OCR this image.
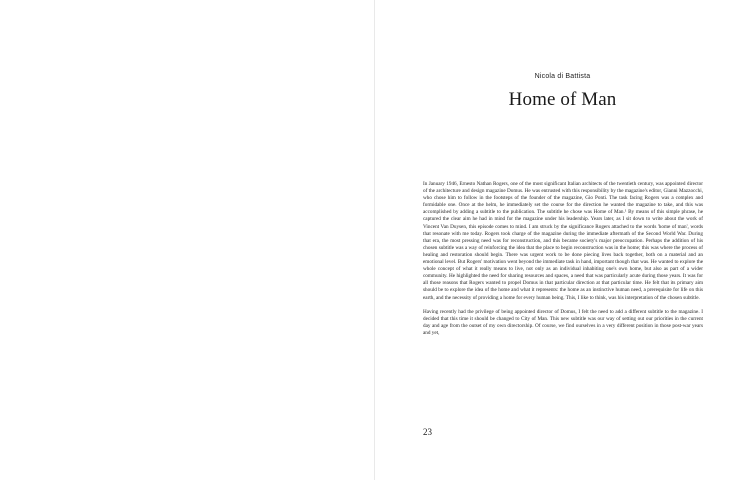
Nicola di Battista
Home of Man

In January 1946, Ernesto Nathan Rogers, one of the most significant Italian architects of the twentieth century, was appointed director of the architecture and design magazine Domus. He was entrusted with this responsibility by the magazine's editor, Gianni Mazzocchi, who chose him to follow in the footsteps of the founder of the magazine, Gio Ponti. The task facing Rogers was a complex and formidable one. Once at the helm, he immediately set the course for the direction he wanted the magazine to take, and this was accomplished by adding a subtitle to the publication. The subtitle he chose was Home of Man.¹ By means of this simple phrase, he captured the clear aim he had in mind for the magazine under his leadership. Years later, as I sit down to write about the work of Vincent Van Duysen, this episode comes to mind. I am struck by the significance Rogers attached to the words 'home of man', words that resonate with me today. Rogers took charge of the magazine during the immediate aftermath of the Second World War. During that era, the most pressing need was for reconstruction, and this became society's major preoccupation. Perhaps the addition of his chosen subtitle was a way of reinforcing the idea that the place to begin reconstruction was in the home; this was where the process of healing and restoration should begin. There was urgent work to be done piecing lives back together, both on a material and an emotional level. But Rogers' motivation went beyond the immediate task in hand, important though that was. He wanted to explore the whole concept of what it really means to live, not only as an individual inhabiting one's own home, but also as part of a wider community. He highlighted the need for sharing resources and spaces, a need that was particularly acute during those years. It was for all those reasons that Rogers wanted to propel Domus in that particular direction at that particular time. He felt that its primary aim should be to explore the idea of the home and what it represents: the home as an instinctive human need, a prerequisite for life on this earth, and the necessity of providing a home for every human being. This, I like to think, was his interpretation of the chosen subtitle.

Having recently had the privilege of being appointed director of Domus, I felt the need to add a different subtitle to the magazine. I decided that this time it should be changed to City of Man. This new subtitle was our way of setting out our priorities in the current day and age from the outset of my own directorship. Of course, we find ourselves in a very different position in those post-war years and yet,

23
